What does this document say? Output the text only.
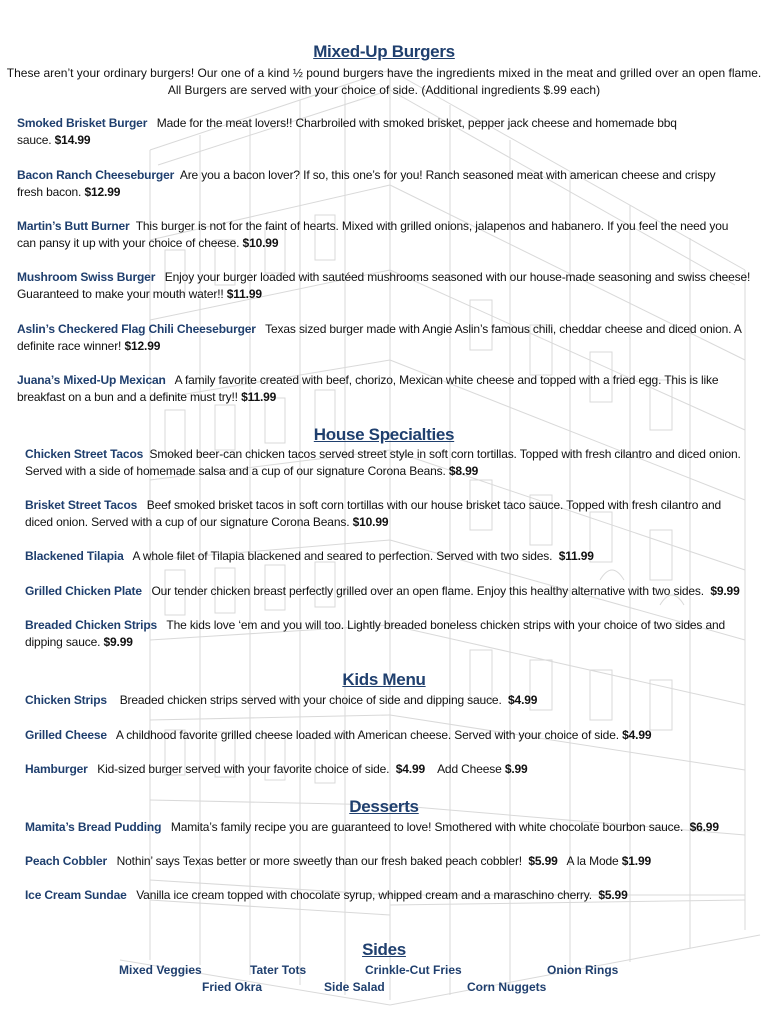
Mixed-Up Burgers
These aren’t your ordinary burgers! Our one of a kind ½ pound burgers have the ingredients mixed in the meat and grilled over an open flame.
All Burgers are served with your choice of side. (Additional ingredients $.99 each)
Smoked Brisket Burger Made for the meat lovers!! Charbroiled with smoked brisket, pepper jack cheese and homemade bbq sauce. $14.99
Bacon Ranch Cheeseburger Are you a bacon lover? If so, this one’s for you! Ranch seasoned meat with american cheese and crispy fresh bacon. $12.99
Martin’s Butt Burner This burger is not for the faint of hearts. Mixed with grilled onions, jalapenos and habanero. If you feel the need you can pansy it up with your choice of cheese. $10.99
Mushroom Swiss Burger Enjoy your burger loaded with sautéed mushrooms seasoned with our house-made seasoning and swiss cheese! Guaranteed to make your mouth water!! $11.99
Aslin’s Checkered Flag Chili Cheeseburger Texas sized burger made with Angie Aslin’s famous chili, cheddar cheese and diced onion. A definite race winner! $12.99
Juana’s Mixed-Up Mexican A family favorite created with beef, chorizo, Mexican white cheese and topped with a fried egg. This is like breakfast on a bun and a definite must try!! $11.99
House Specialties
Chicken Street Tacos Smoked beer-can chicken tacos served street style in soft corn tortillas. Topped with fresh cilantro and diced onion. Served with a side of homemade salsa and a cup of our signature Corona Beans. $8.99
Brisket Street Tacos Beef smoked brisket tacos in soft corn tortillas with our house brisket taco sauce. Topped with fresh cilantro and diced onion. Served with a cup of our signature Corona Beans. $10.99
Blackened Tilapia A whole filet of Tilapia blackened and seared to perfection. Served with two sides. $11.99
Grilled Chicken Plate Our tender chicken breast perfectly grilled over an open flame. Enjoy this healthy alternative with two sides. $9.99
Breaded Chicken Strips The kids love ‘em and you will too. Lightly breaded boneless chicken strips with your choice of two sides and dipping sauce. $9.99
Kids Menu
Chicken Strips Breaded chicken strips served with your choice of side and dipping sauce. $4.99
Grilled Cheese A childhood favorite grilled cheese loaded with American cheese. Served with your choice of side. $4.99
Hamburger Kid-sized burger served with your favorite choice of side. $4.99 Add Cheese $.99
Desserts
Mamita’s Bread Pudding Mamita’s family recipe you are guaranteed to love! Smothered with white chocolate bourbon sauce. $6.99
Peach Cobbler Nothin’ says Texas better or more sweetly than our fresh baked peach cobbler! $5.99 A la Mode $1.99
Ice Cream Sundae Vanilla ice cream topped with chocolate syrup, whipped cream and a maraschino cherry. $5.99
Sides
Mixed Veggies	Tater Tots	Crinkle-Cut Fries	Onion Rings
Fried Okra	Side Salad	Corn Nuggets
